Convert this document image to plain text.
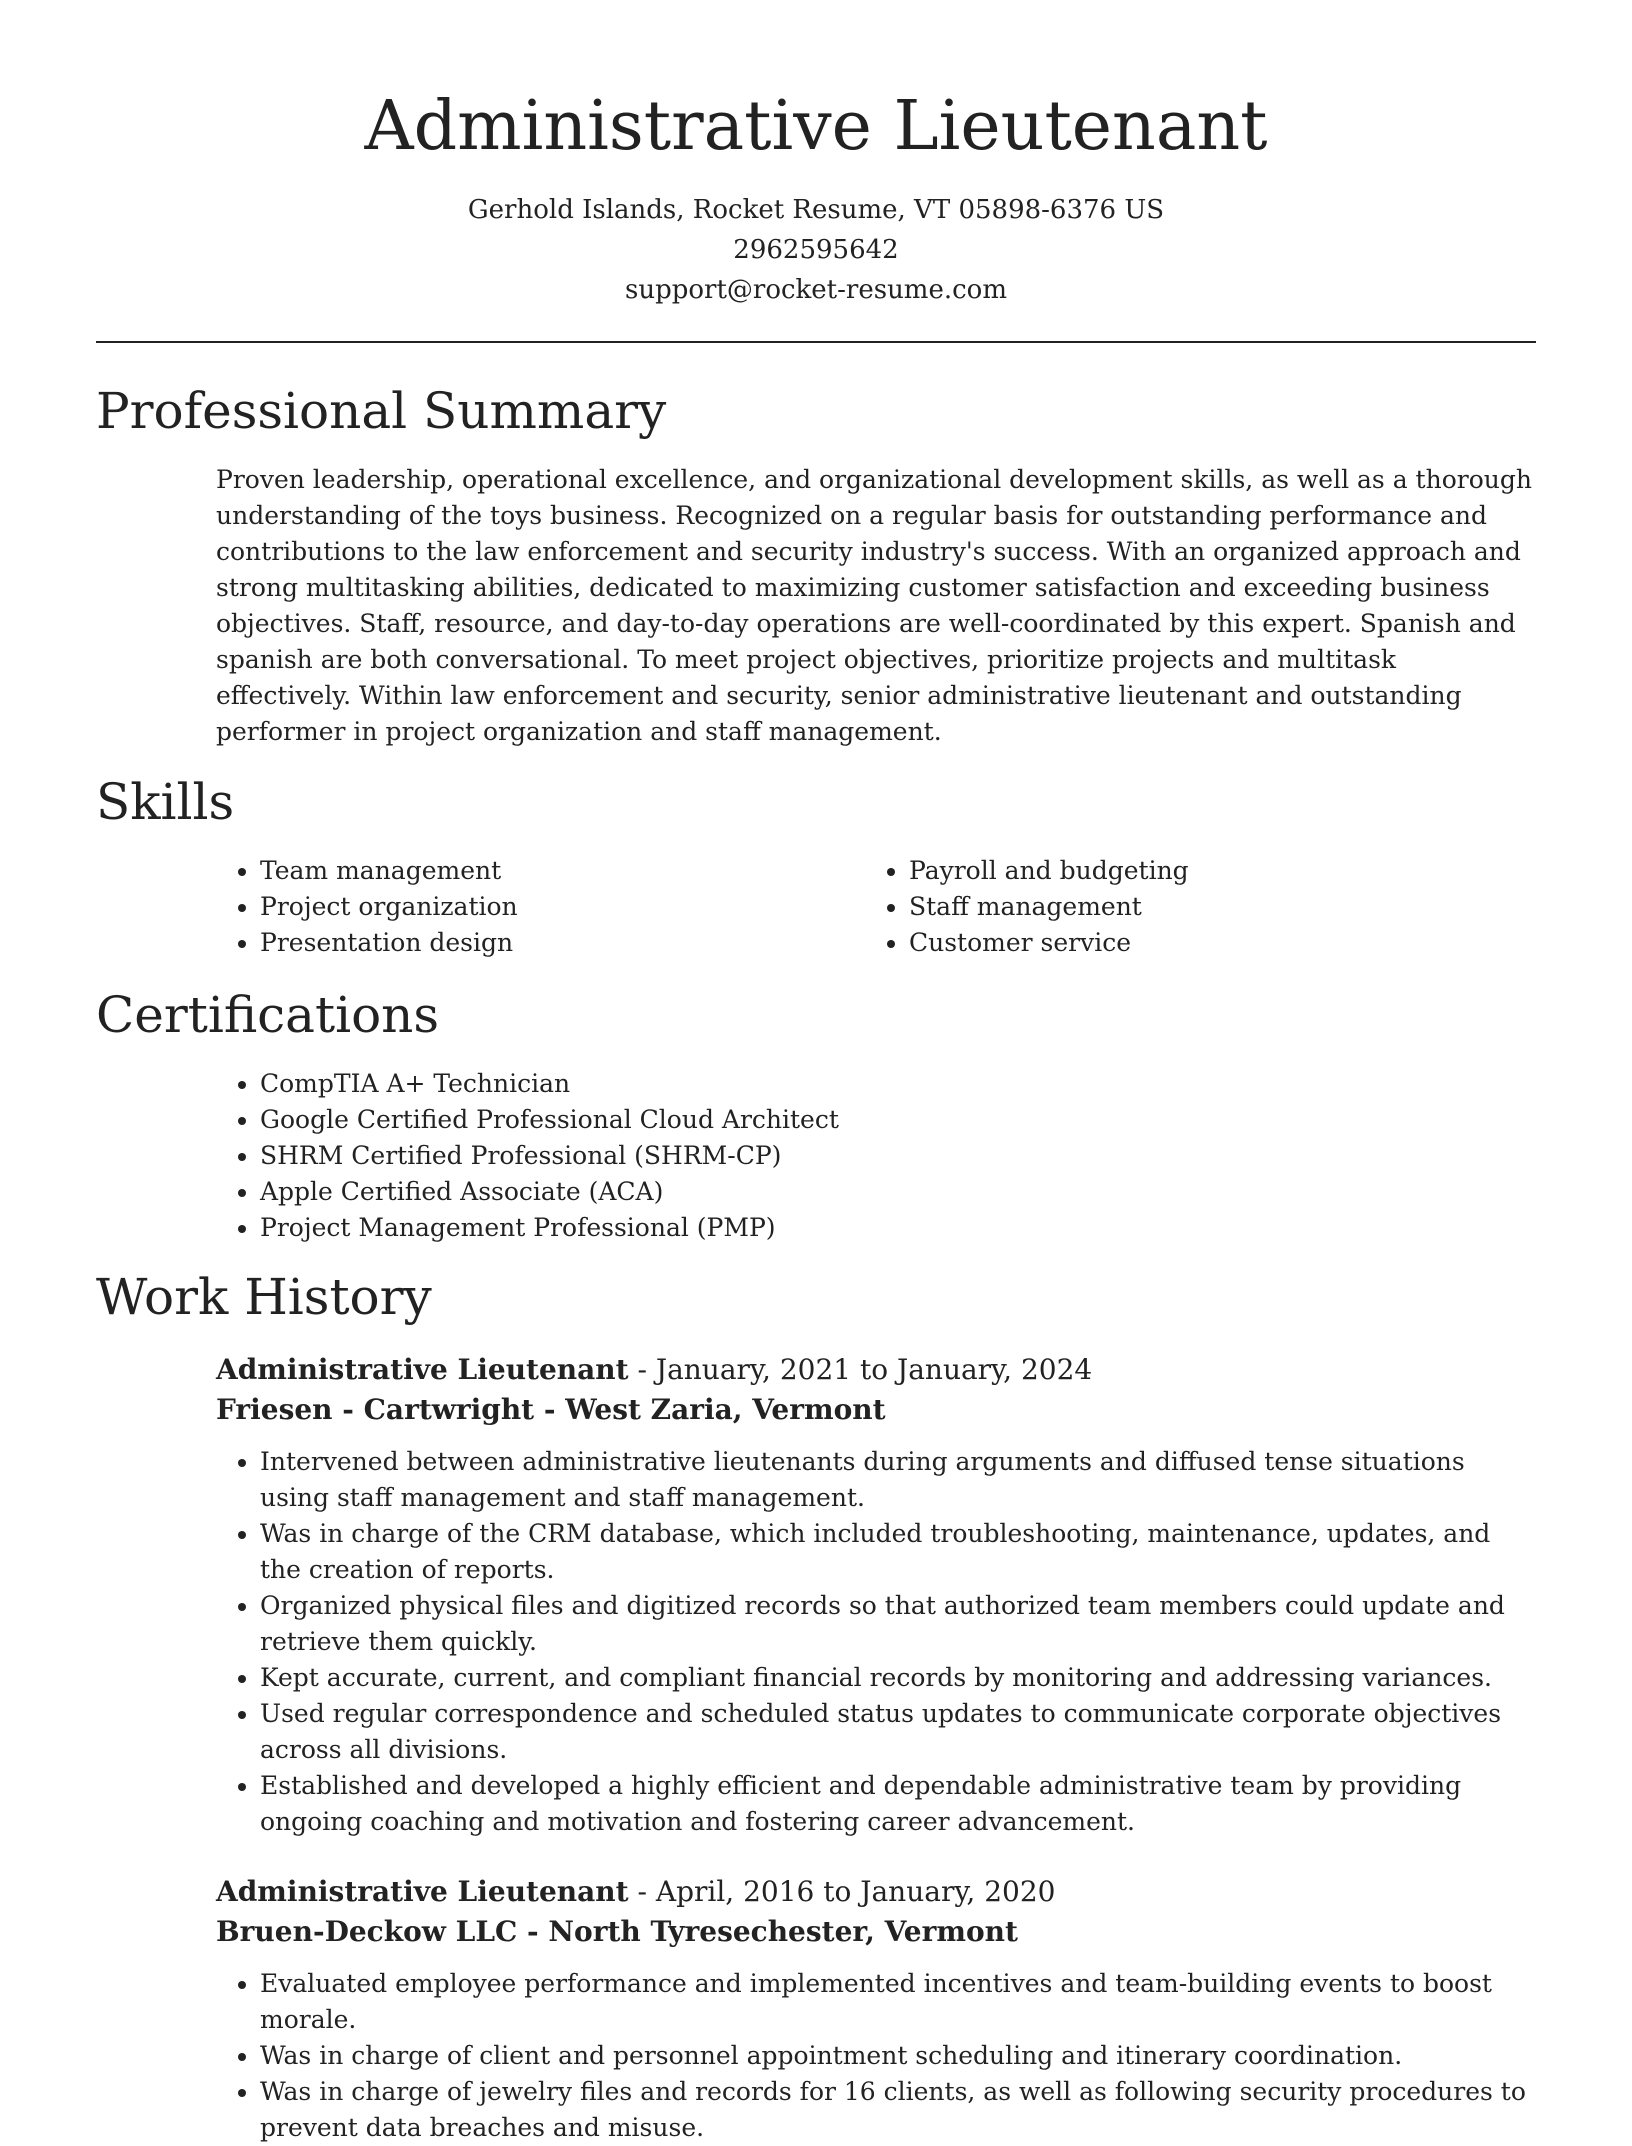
Administrative Lieutenant
Gerhold Islands, Rocket Resume, VT 05898-6376 US
2962595642
support@rocket-resume.com
Professional Summary

Proven leadership, operational excellence, and organizational development skills, as well as a thorough understanding of the toys business. Recognized on a regular basis for outstanding performance and contributions to the law enforcement and security industry's success. With an organized approach and strong multitasking abilities, dedicated to maximizing customer satisfaction and exceeding business objectives. Staff, resource, and day-to-day operations are well-coordinated by this expert. Spanish and spanish are both conversational. To meet project objectives, prioritize projects and multitask effectively. Within law enforcement and security, senior administrative lieutenant and outstanding performer in project organization and staff management.

Skills
• Team management
• Project organization
• Presentation design
• Payroll and budgeting
• Staff management
• Customer service
Certifications
• CompTIA A+ Technician
• Google Certified Professional Cloud Architect
• SHRM Certified Professional (SHRM-CP)
• Apple Certified Associate (ACA)
• Project Management Professional (PMP)
Work History
Administrative Lieutenant - January, 2021 to January, 2024
Friesen - Cartwright - West Zaria, Vermont
• Intervened between administrative lieutenants during arguments and diffused tense situations using staff management and staff management.
• Was in charge of the CRM database, which included troubleshooting, maintenance, updates, and the creation of reports.
• Organized physical files and digitized records so that authorized team members could update and retrieve them quickly.
• Kept accurate, current, and compliant financial records by monitoring and addressing variances.
• Used regular correspondence and scheduled status updates to communicate corporate objectives across all divisions.
• Established and developed a highly efficient and dependable administrative team by providing ongoing coaching and motivation and fostering career advancement.
Administrative Lieutenant - April, 2016 to January, 2020
Bruen-Deckow LLC - North Tyresechester, Vermont
• Evaluated employee performance and implemented incentives and team-building events to boost morale.
• Was in charge of client and personnel appointment scheduling and itinerary coordination.
• Was in charge of jewelry files and records for 16 clients, as well as following security procedures to prevent data breaches and misuse.
